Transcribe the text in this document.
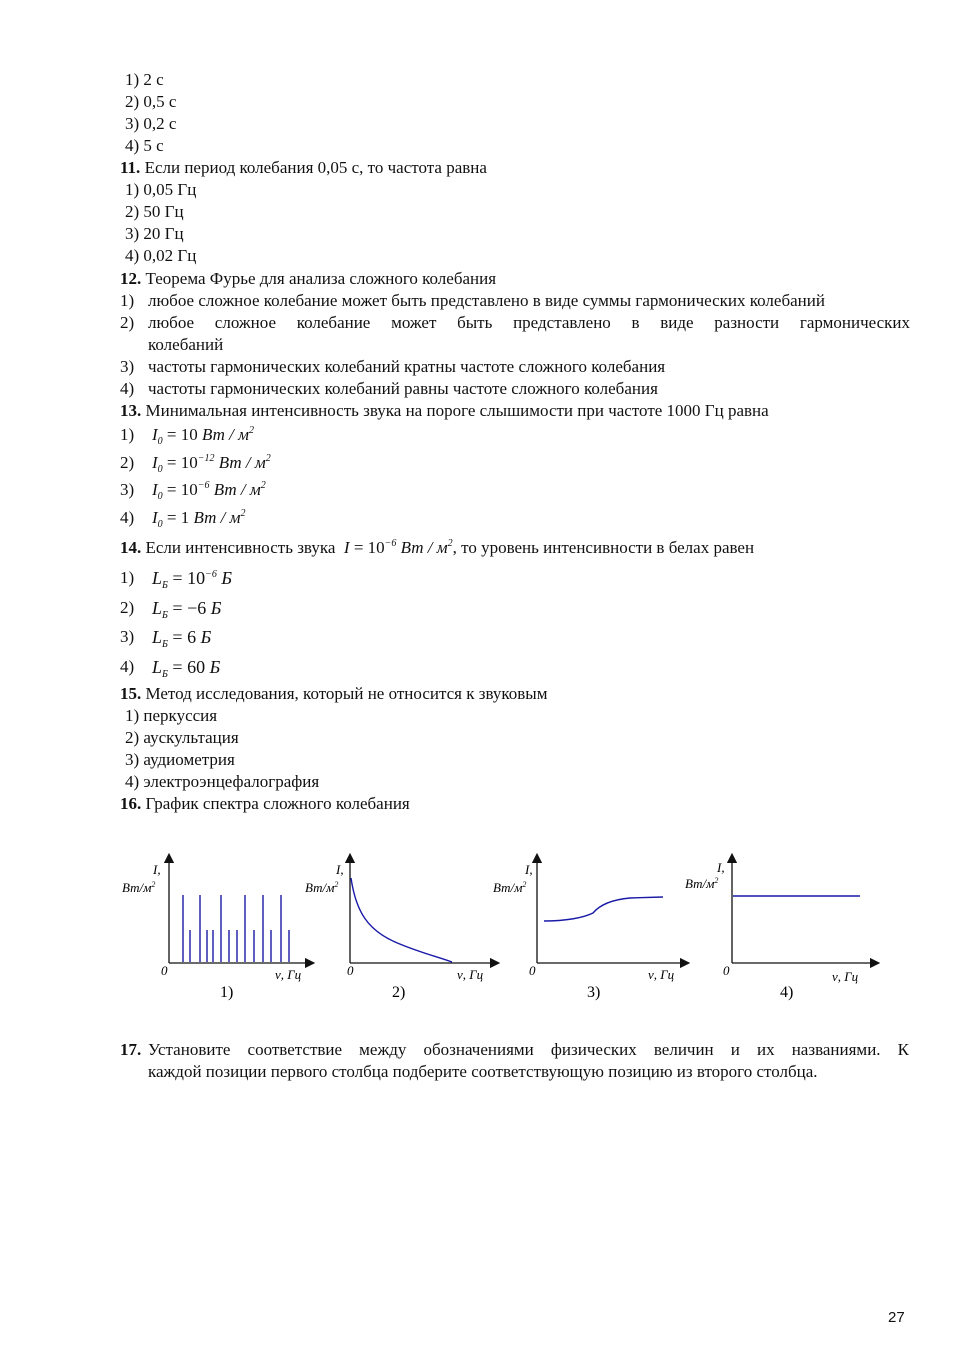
1) 2 с
2) 0,5 с
3) 0,2 с
4) 5 с
11. Если период колебания 0,05 с, то частота равна
1) 0,05 Гц
2) 50 Гц
3) 20 Гц
4) 0,02 Гц
12. Теорема Фурье для анализа сложного колебания
1) любое сложное колебание может быть представлено в виде суммы гармонических колебаний
2) любое сложное колебание может быть представлено в виде разности гармонических
колебаний
3) частоты гармонических колебаний кратны частоте сложного колебания
4) частоты гармонических колебаний равны частоте сложного колебания
13. Минимальная интенсивность звука на пороге слышимости при частоте 1000 Гц равна
1) $I_0 = 10$ Вт / $м^2$
2) $I_0 = 10^{-12}$ Вт / $м^2$
3) $I_0 = 10^{-6}$ Вт / $м^2$
4) $I_0 = 1$ Вт / $м^2$
14. Если интенсивность звука $I = 10^{-6}$ Вт / $м^2$, то уровень интенсивности в белах равен
1) $L_Б = 10^{-6}$ Б
2) $L_Б = -6$ Б
3) $L_Б = 6$ Б
4) $L_Б = 60$ Б
15. Метод исследования, который не относится к звуковым
1) перкуссия
2) аускультация
3) аудиометрия
4) электроэнцефалография
16. График спектра сложного колебания
I,
$Вт/м^2$
0	ν, Гц
1)
I,
$Вт/м^2$
0	ν, Гц
2)
I,
$Вт/м^2$
0	ν, Гц
3)
I,
$Вт/м^2$
0	ν, Гц
4)
17. Установите соответствие между обозначениями физических величин и их названиями. К
каждой позиции первого столбца подберите соответствующую позицию из второго столбца.
27
